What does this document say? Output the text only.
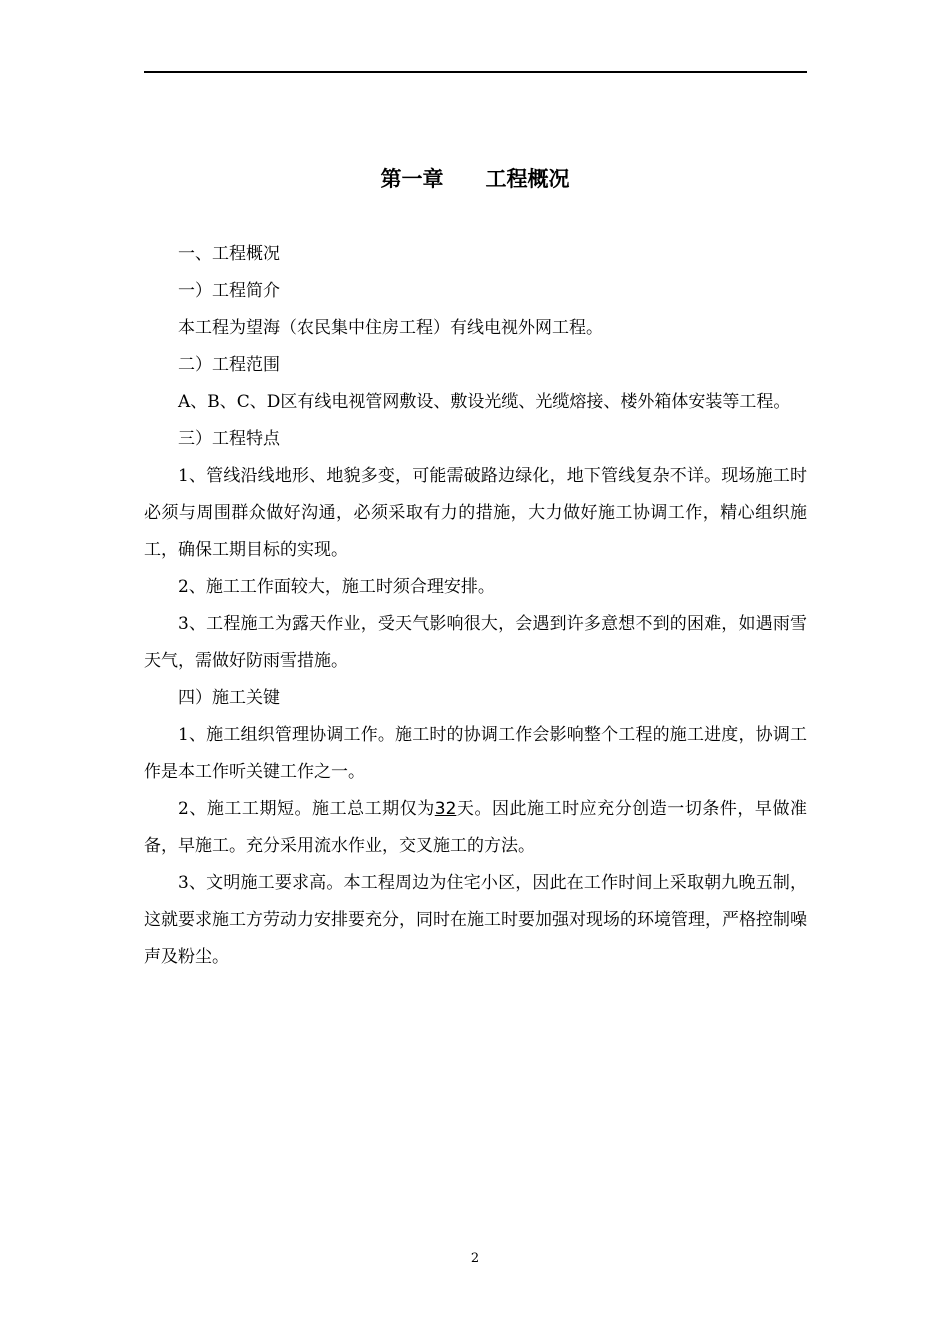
第一章　　工程概况

一、工程概况

一）工程简介

本工程为望海（农民集中住房工程）有线电视外网工程。

二）工程范围

A、B、C、D区有线电视管网敷设、敷设光缆、光缆熔接、楼外箱体安装等工程。

三）工程特点

1、管线沿线地形、地貌多变，可能需破路边绿化，地下管线复杂不详。现场施工时必须与周围群众做好沟通，必须采取有力的措施，大力做好施工协调工作，精心组织施工，确保工期目标的实现。

2、施工工作面较大，施工时须合理安排。

3、工程施工为露天作业，受天气影响很大，会遇到许多意想不到的困难，如遇雨雪天气，需做好防雨雪措施。

四）施工关键

1、施工组织管理协调工作。施工时的协调工作会影响整个工程的施工进度，协调工作是本工作听关键工作之一。

2、施工工期短。施工总工期仅为32天。因此施工时应充分创造一切条件，早做准备，早施工。充分采用流水作业，交叉施工的方法。

3、文明施工要求高。本工程周边为住宅小区，因此在工作时间上采取朝九晚五制，这就要求施工方劳动力安排要充分，同时在施工时要加强对现场的环境管理，严格控制噪声及粉尘。

2
